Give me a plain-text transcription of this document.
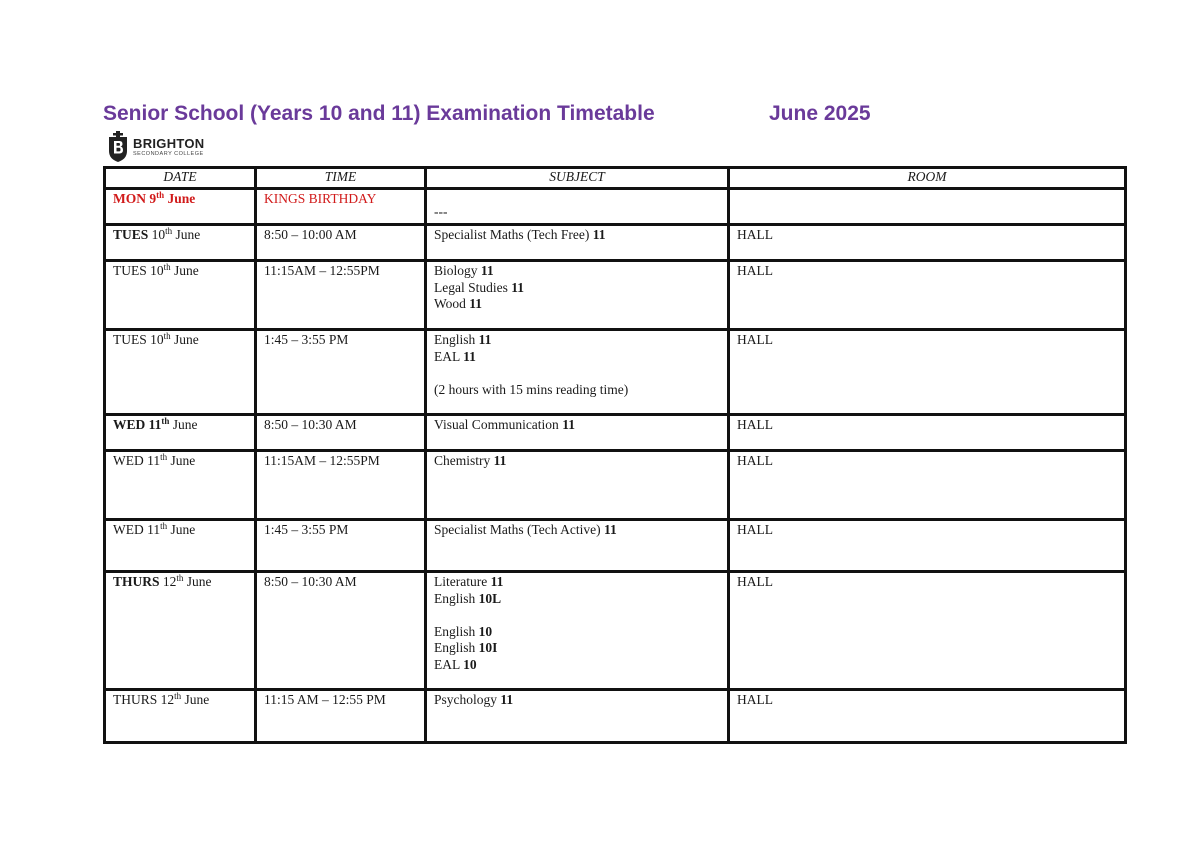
Senior School (Years 10 and 11) Examination Timetable	June 2025
BRIGHTON
SECONDARY COLLEGE
DATE	TIME	SUBJECT	ROOM
MON 9th June	KINGS BIRTHDAY	---	
TUES 10th June	8:50 – 10:00 AM	Specialist Maths (Tech Free) 11	HALL
TUES 10th June	11:15AM – 12:55PM	Biology 11
Legal Studies 11
Wood 11	HALL
TUES 10th June	1:45 – 3:55 PM	English 11
EAL 11
(2 hours with 15 mins reading time)	HALL
WED 11th June	8:50 – 10:30 AM	Visual Communication 11	HALL
WED 11th June	11:15AM – 12:55PM	Chemistry 11	HALL
WED 11th June	1:45 – 3:55 PM	Specialist Maths (Tech Active) 11	HALL
THURS 12th June	8:50 – 10:30 AM	Literature 11
English 10L
English 10
English 10I
EAL 10	HALL
THURS 12th June	11:15 AM – 12:55 PM	Psychology 11	HALL
